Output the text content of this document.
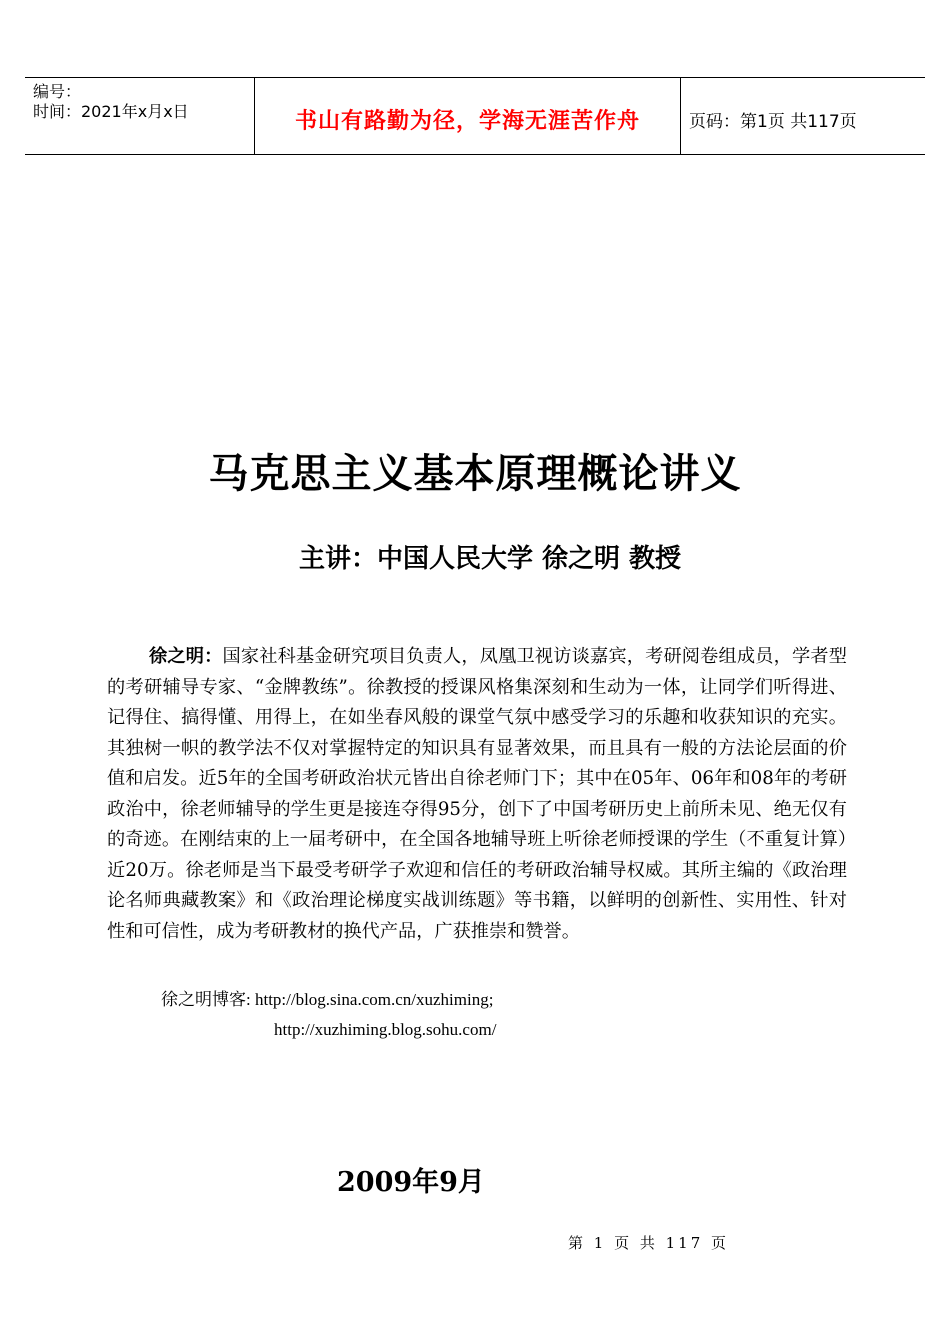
编号：
时间：2021年x月x日	书山有路勤为径，学海无涯苦作舟	页码：第1页 共117页
马克思主义基本原理概论讲义
主讲：中国人民大学 徐之明 教授
徐之明：国家社科基金研究项目负责人，凤凰卫视访谈嘉宾，考研阅卷组成员，学者型的考研辅导专家、“金牌教练”。徐教授的授课风格集深刻和生动为一体，让同学们听得进、记得住、搞得懂、用得上，在如坐春风般的课堂气氛中感受学习的乐趣和收获知识的充实。其独树一帜的教学法不仅对掌握特定的知识具有显著效果，而且具有一般的方法论层面的价值和启发。近5年的全国考研政治状元皆出自徐老师门下；其中在05年、06年和08年的考研政治中，徐老师辅导的学生更是接连夺得95分，创下了中国考研历史上前所未见、绝无仅有的奇迹。在刚结束的上一届考研中，在全国各地辅导班上听徐老师授课的学生（不重复计算）近20万。徐老师是当下最受考研学子欢迎和信任的考研政治辅导权威。其所主编的《政治理论名师典藏教案》和《政治理论梯度实战训练题》等书籍，以鲜明的创新性、实用性、针对性和可信性，成为考研教材的换代产品，广获推崇和赞誉。
徐之明博客: http://blog.sina.com.cn/xuzhiming;
http://xuzhiming.blog.sohu.com/
2009年9月
第 1 页 共 117 页
